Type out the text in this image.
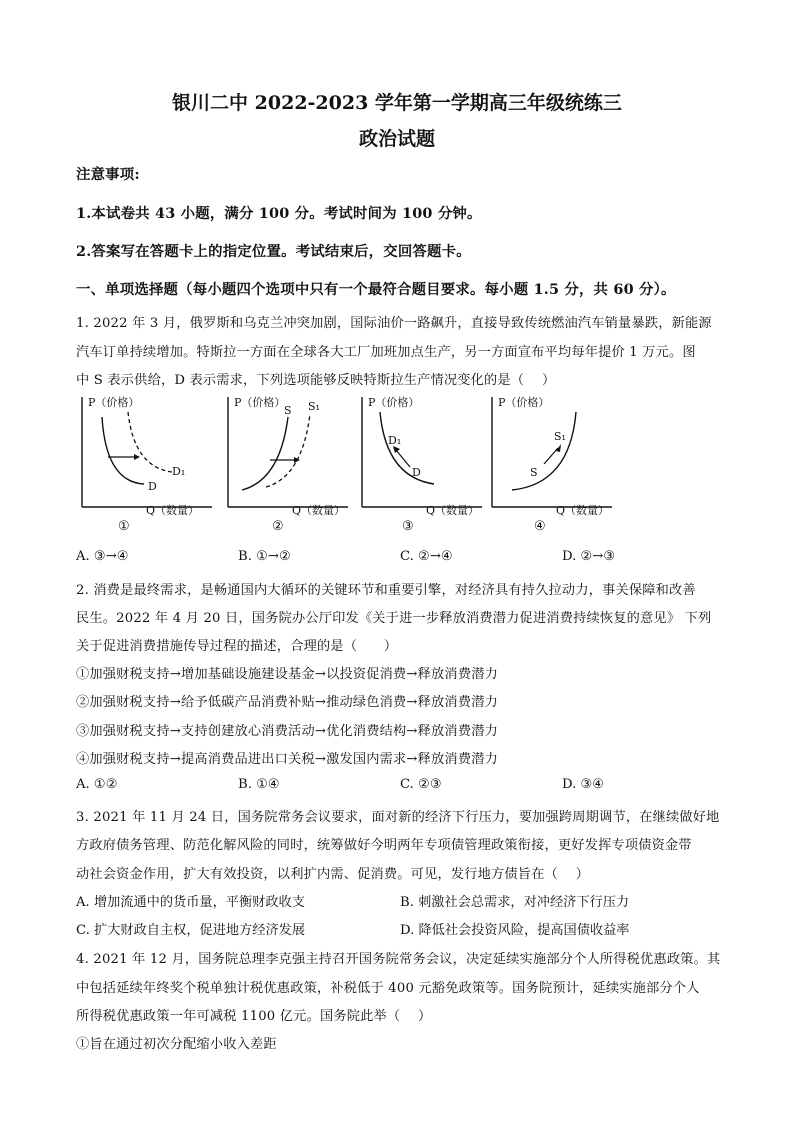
银川二中 2022-2023 学年第一学期高三年级统练三
政治试题
注意事项:
1.本试卷共 43 小题，满分 100 分。考试时间为 100 分钟。
2.答案写在答题卡上的指定位置。考试结束后，交回答题卡。
一、单项选择题（每小题四个选项中只有一个最符合题目要求。每小题 1.5 分，共 60 分）。
1. 2022 年 3 月，俄罗斯和乌克兰冲突加剧，国际油价一路飙升，直接导致传统燃油汽车销量暴跌，新能源
汽车订单持续增加。特斯拉一方面在全球各大工厂加班加点生产，另一方面宣布平均每年提价 1 万元。图
中 S 表示供给，D 表示需求，下列选项能够反映特斯拉生产情况变化的是（　 ）
P（价格）
D
D₁
①
Q（数量）
P（价格）
S S₁
②
Q（数量）
P（价格）
D₁
D
③
Q（数量）
P（价格）
S₁
S
④
Q（数量）
A. ③→④	B. ①→②	C. ②→④	D. ②→③
2. 消费是最终需求，是畅通国内大循环的关键环节和重要引擎，对经济具有持久拉动力，事关保障和改善
民生。2022 年 4 月 20 日，国务院办公厅印发《关于进一步释放消费潜力促进消费持续恢复的意见》 下列
关于促进消费措施传导过程的描述，合理的是（　　）
①加强财税支持→增加基础设施建设基金→以投资促消费→释放消费潜力
②加强财税支持→给予低碳产品消费补贴→推动绿色消费→释放消费潜力
③加强财税支持→支持创建放心消费活动→优化消费结构→释放消费潜力
④加强财税支持→提高消费品进出口关税→激发国内需求→释放消费潜力
A. ①②	B. ①④	C. ②③	D. ③④
3. 2021 年 11 月 24 日，国务院常务会议要求，面对新的经济下行压力，要加强跨周期调节，在继续做好地
方政府债务管理、防范化解风险的同时，统筹做好今明两年专项债管理政策衔接，更好发挥专项债资金带
动社会资金作用，扩大有效投资，以利扩内需、促消费。可见，发行地方债旨在（　 ）
A. 增加流通中的货币量，平衡财政收支	B. 刺激社会总需求，对冲经济下行压力
C. 扩大财政自主权，促进地方经济发展	D. 降低社会投资风险，提高国债收益率
4. 2021 年 12 月，国务院总理李克强主持召开国务院常务会议，决定延续实施部分个人所得税优惠政策。其
中包括延续年终奖个税单独计税优惠政策，补税低于 400 元豁免政策等。国务院预计，延续实施部分个人
所得税优惠政策一年可减税 1100 亿元。国务院此举（　 ）
①旨在通过初次分配缩小收入差距
